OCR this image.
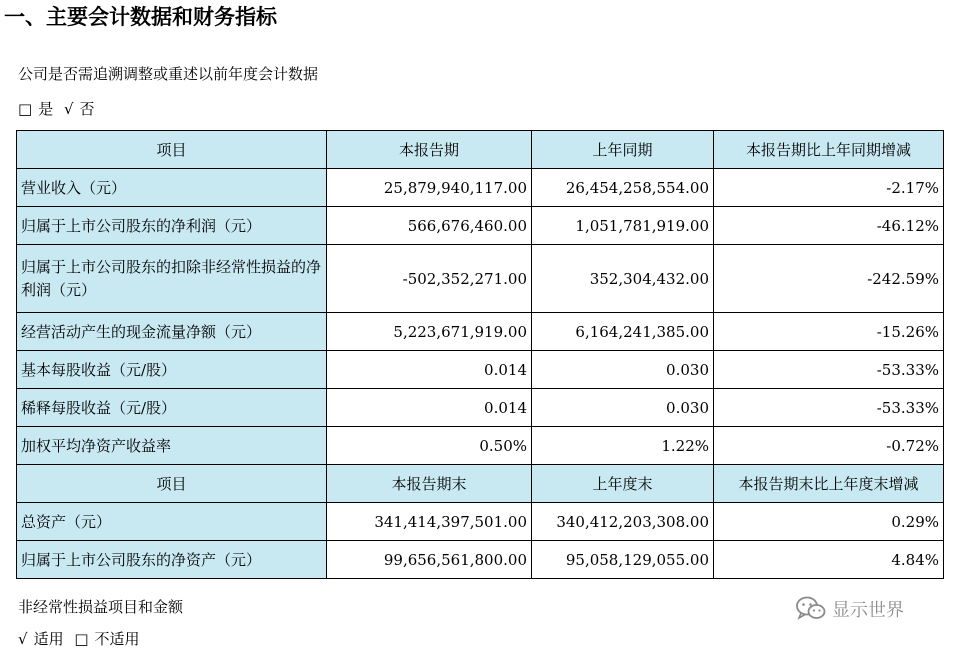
一、主要会计数据和财务指标
公司是否需追溯调整或重述以前年度会计数据
□ 是 √ 否
项目	本报告期	上年同期	本报告期比上年同期增减
营业收入（元）	25,879,940,117.00	26,454,258,554.00	-2.17%
归属于上市公司股东的净利润（元）	566,676,460.00	1,051,781,919.00	-46.12%
归属于上市公司股东的扣除非经常性损益的净利润（元）	-502,352,271.00	352,304,432.00	-242.59%
经营活动产生的现金流量净额（元）	5,223,671,919.00	6,164,241,385.00	-15.26%
基本每股收益（元/股）	0.014	0.030	-53.33%
稀释每股收益（元/股）	0.014	0.030	-53.33%
加权平均净资产收益率	0.50%	1.22%	-0.72%
项目	本报告期末	上年度末	本报告期末比上年度末增减
总资产（元）	341,414,397,501.00	340,412,203,308.00	0.29%
归属于上市公司股东的净资产（元）	99,656,561,800.00	95,058,129,055.00	4.84%
非经常性损益项目和金额
√ 适用 □ 不适用
显示世界
